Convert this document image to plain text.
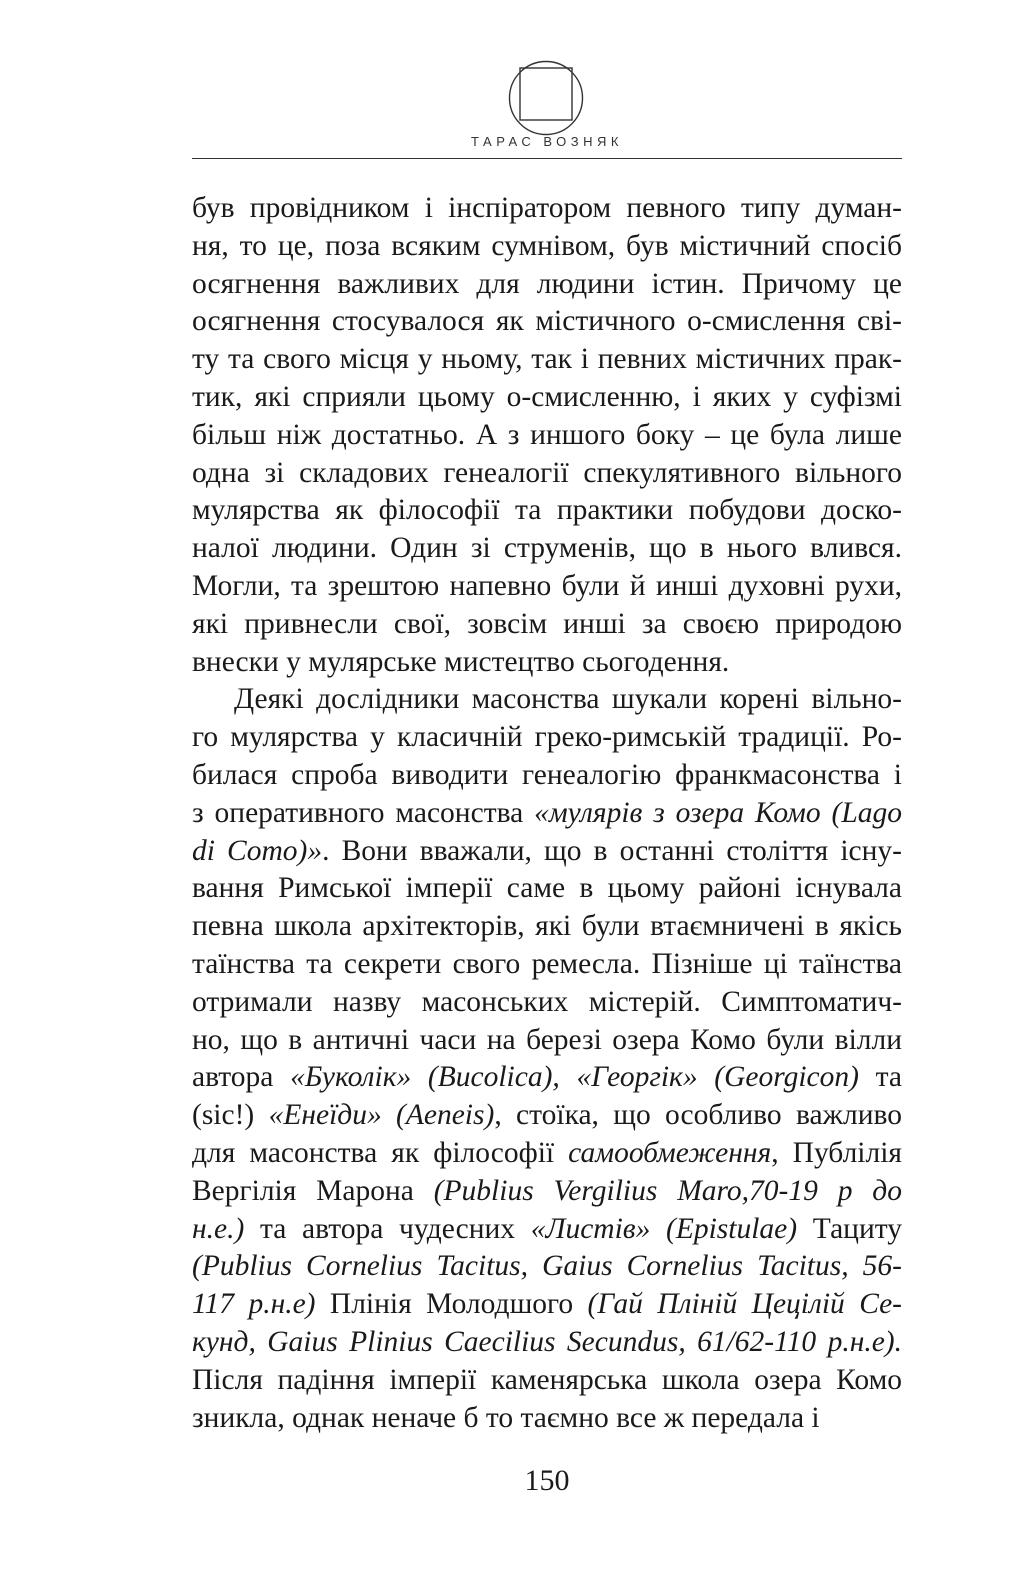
ТАРАС ВОЗНЯК
був провідником і інспіратором певного типу думан-
ня, то це, поза всяким сумнівом, був містичний спосіб
осягнення важливих для людини істин. Причому це
осягнення стосувалося як містичного о-смислення сві-
ту та свого місця у ньому, так і певних містичних прак-
тик, які сприяли цьому о-смисленню, і яких у суфізмі
більш ніж достатньо. А з иншого боку – це була лише
одна зі складових генеалогії спекулятивного вільного
мулярства як філософії та практики побудови доско-
налої людини. Один зі струменів, що в нього влився.
Могли, та зрештою напевно були й инші духовні рухи,
які привнесли свої, зовсім инші за своєю природою
внески у мулярське мистецтво сьогодення.
Деякі дослідники масонства шукали корені вільно-
го мулярства у класичній греко-римській традиції. Ро-
билася спроба виводити генеалогію франкмасонства і
з оперативного масонства «мулярів з озера Комо (Lago
di Como)». Вони вважали, що в останні століття існу-
вання Римської імперії саме в цьому районі існувала
певна школа архітекторів, які були втаємничені в якісь
таїнства та секрети свого ремесла. Пізніше ці таїнства
отримали назву масонських містерій. Симптоматич-
но, що в античні часи на березі озера Комо були вілли
автора «Буколік» (Bucolica), «Георгік» (Georgicon) та
(sic!) «Енеїди» (Aeneis), стоїка, що особливо важливо
для масонства як філософії самообмеження, Публілія
Вергілія Марона (Publius Vergilius Maro,70-19 р до
н.е.) та автора чудесних «Листів» (Epistulae) Тациту
(Publius Cornelius Tacitus, Gaius Cornelius Tacitus, 56-
117 р.н.е) Плінія Молодшого (Гай Пліній Цецілій Се-
кунд, Gaius Plinius Caecilius Secundus, 61/62-110 р.н.е).
Після падіння імперії каменярська школа озера Комо
зникла, однак неначе б то таємно все ж передала і
150
